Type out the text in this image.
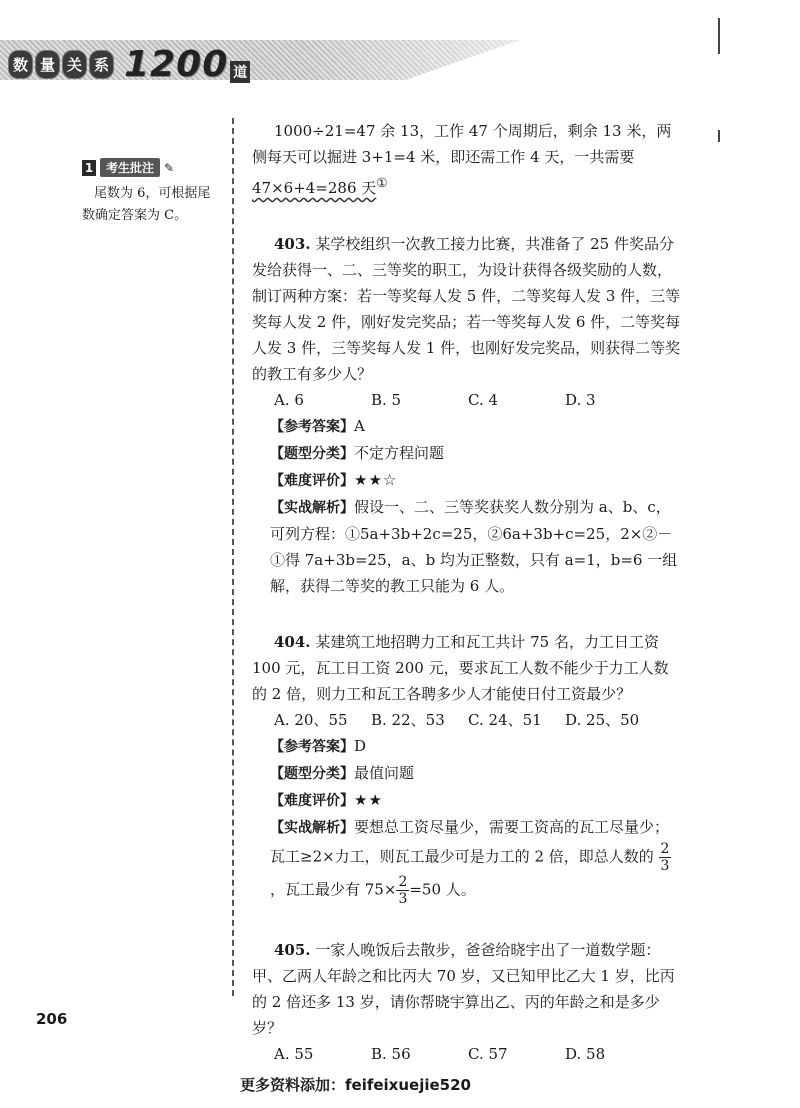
数 量 关 系 1200 道
1	考生批注 ✎
尾数为 6，可根据尾数确定答案为 C。

1000÷21=47 余 13，工作 47 个周期后，剩余 13 米，两侧每天可以掘进 3+1=4 米，即还需工作 4 天，一共需要47×6+4=286 天①

403. 某学校组织一次教工接力比赛，共准备了 25 件奖品分发给获得一、二、三等奖的职工，为设计获得各级奖励的人数，制订两种方案：若一等奖每人发 5 件，二等奖每人发 3 件，三等奖每人发 2 件，刚好发完奖品；若一等奖每人发 6 件，二等奖每人发 3 件，三等奖每人发 1 件，也刚好发完奖品，则获得二等奖的教工有多少人？

A. 6	B. 5	C. 4	D. 3
【参考答案】A
【题型分类】不定方程问题
【难度评价】★★☆

【实战解析】假设一、二、三等奖获奖人数分别为 a、b、c，可列方程：①5a+3b+2c=25，②6a+3b+c=25，2×②－①得 7a+3b=25，a、b 均为正整数，只有 a=1，b=6 一组解，获得二等奖的教工只能为 6 人。

404. 某建筑工地招聘力工和瓦工共计 75 名，力工日工资 100 元，瓦工日工资 200 元，要求瓦工人数不能少于力工人数的 2 倍，则力工和瓦工各聘多少人才能使日付工资最少？

A. 20、55	B. 22、53	C. 24、51	D. 25、50
【参考答案】D
【题型分类】最值问题
【难度评价】★★

【实战解析】要想总工资尽量少，需要工资高的瓦工尽量少；瓦工≥2×力工，则瓦工最少可是力工的 2 倍，即总人数的 $\frac{2}{3}$
，瓦工最少有 $75\times \frac{2}{3} =50$ 人。

405. 一家人晚饭后去散步，爸爸给晓宇出了一道数学题：甲、乙两人年龄之和比丙大 70 岁，又已知甲比乙大 1 岁，比丙的 2 倍还多 13 岁，请你帮晓宇算出乙、丙的年龄之和是多少岁？

A. 55	B. 56	C. 57	D. 58
206
更多资料添加：feifeixuejie520
